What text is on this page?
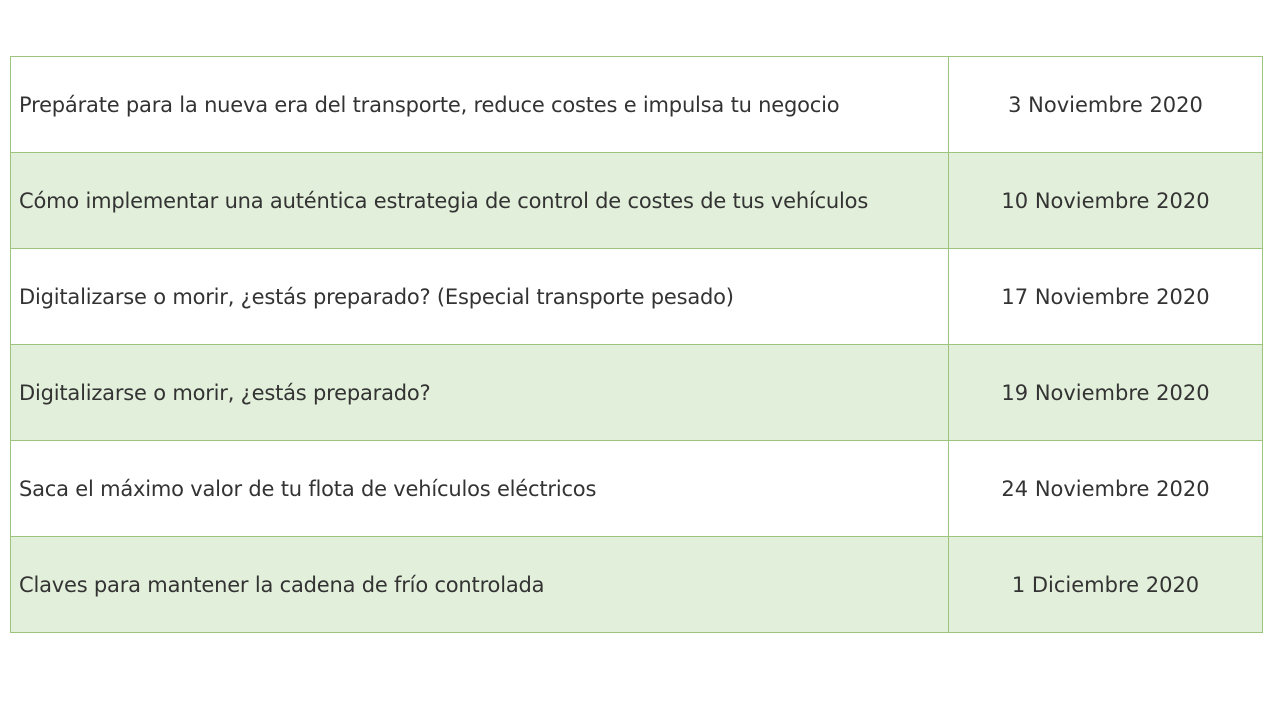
Prepárate para la nueva era del transporte, reduce costes e impulsa tu negocio	3 Noviembre 2020
Cómo implementar una auténtica estrategia de control de costes de tus vehículos	10 Noviembre 2020
Digitalizarse o morir, ¿estás preparado? (Especial transporte pesado)	17 Noviembre 2020
Digitalizarse o morir, ¿estás preparado?	19 Noviembre 2020
Saca el máximo valor de tu flota de vehículos eléctricos	24 Noviembre 2020
Claves para mantener la cadena de frío controlada	1 Diciembre 2020
